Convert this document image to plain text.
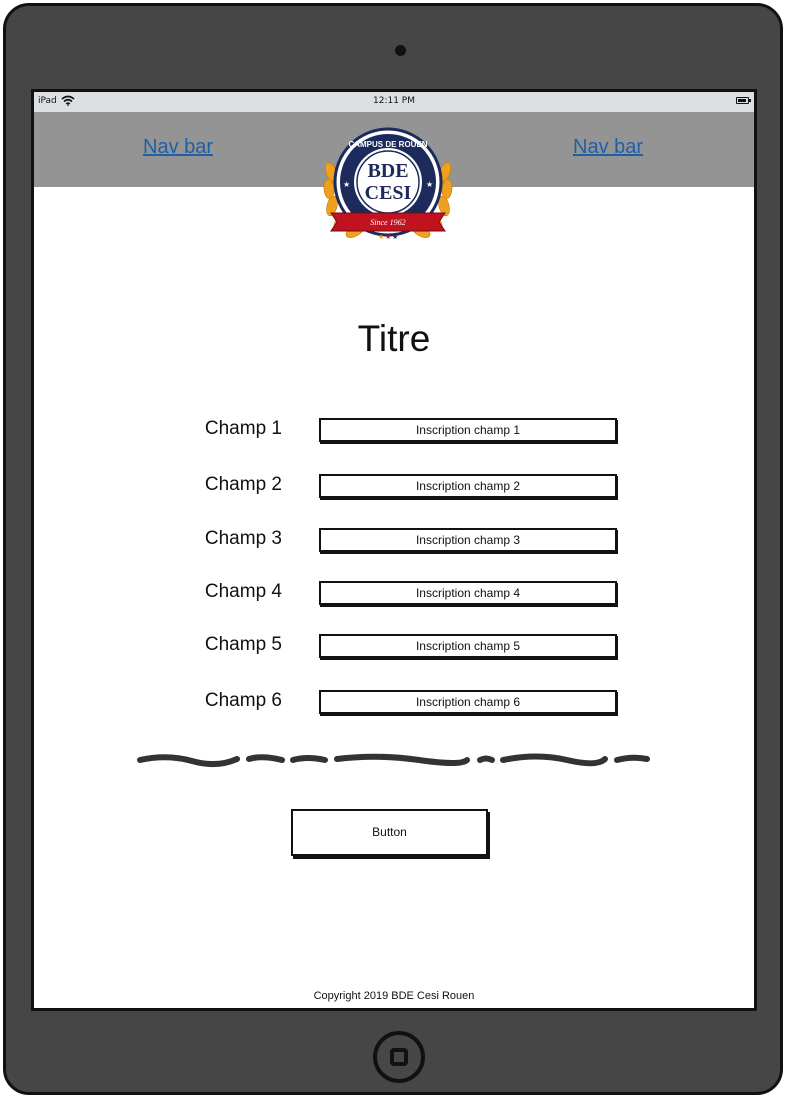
iPad	12:11 PM
Nav bar	Nav bar
CAMPUS DE ROUEN
BDE
CESI
★	★
Since 1962
★ ★ ★
Titre
Champ 1	Inscription champ 1
Champ 2	Inscription champ 2
Champ 3	Inscription champ 3
Champ 4	Inscription champ 4
Champ 5	Inscription champ 5
Champ 6	Inscription champ 6
Button
Copyright 2019 BDE Cesi Rouen
